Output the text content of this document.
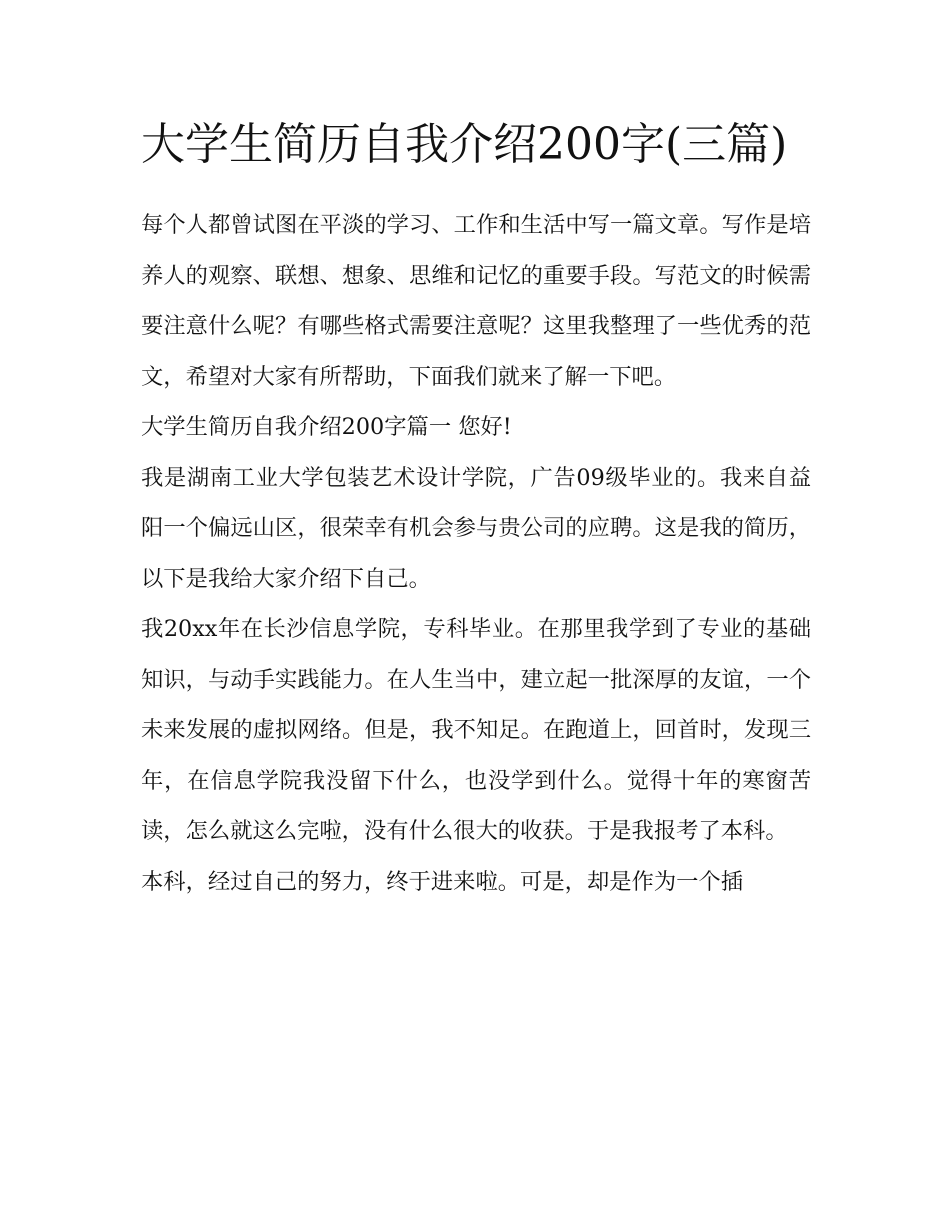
大学生简历自我介绍200字(三篇)

每个人都曾试图在平淡的学习、工作和生活中写一篇文章。写作是培养人的观察、联想、想象、思维和记忆的重要手段。写范文的时候需要注意什么呢？有哪些格式需要注意呢？这里我整理了一些优秀的范文，希望对大家有所帮助，下面我们就来了解一下吧。

大学生简历自我介绍200字篇一 您好!

我是湖南工业大学包装艺术设计学院，广告09级毕业的。我来自益阳一个偏远山区，很荣幸有机会参与贵公司的应聘。这是我的简历，以下是我给大家介绍下自己。

我20xx年在长沙信息学院，专科毕业。在那里我学到了专业的基础知识，与动手实践能力。在人生当中，建立起一批深厚的友谊，一个未来发展的虚拟网络。但是，我不知足。在跑道上，回首时，发现三年，在信息学院我没留下什么，也没学到什么。觉得十年的寒窗苦读，怎么就这么完啦，没有什么很大的收获。于是我报考了本科。

本科，经过自己的努力，终于进来啦。可是，却是作为一个插
